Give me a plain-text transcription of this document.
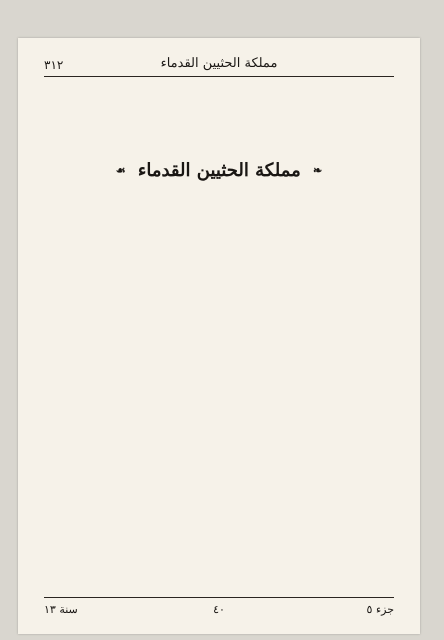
مملكة الحثيين القدماء
٣١٢

❧ مملكة الحثيين القدماء ☙

جزء ٥
٤٠
سنة ١٣
